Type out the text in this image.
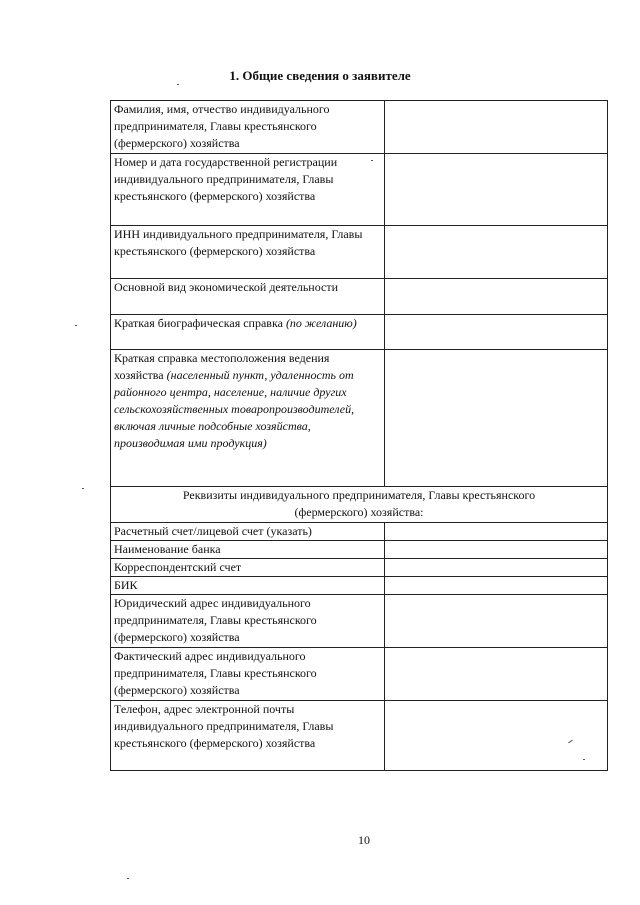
1. Общие сведения о заявителе
Фамилия, имя, отчество индивидуального предпринимателя, Главы крестьянского (фермерского) хозяйства	
Номер и дата государственной регистрации индивидуального предпринимателя, Главы крестьянского (фермерского) хозяйства	
ИНН индивидуального предпринимателя, Главы крестьянского (фермерского) хозяйства	
Основной вид экономической деятельности	
Краткая биографическая справка (по желанию)	
Краткая справка местоположения ведения хозяйства (населенный пункт, удаленность от районного центра, население, наличие других сельскохозяйственных товаропроизводителей, включая личные подсобные хозяйства, производимая ими продукция)	
Реквизиты индивидуального предпринимателя, Главы крестьянского (фермерского) хозяйства:	
Расчетный счет/лицевой счет (указать)	
Наименование банка	
Корреспондентский счет	
БИК	
Юридический адрес индивидуального предпринимателя, Главы крестьянского (фермерского) хозяйства	
Фактический адрес индивидуального предпринимателя, Главы крестьянского (фермерского) хозяйства	
Телефон, адрес электронной почты индивидуального предпринимателя, Главы крестьянского (фермерского) хозяйства	
10
